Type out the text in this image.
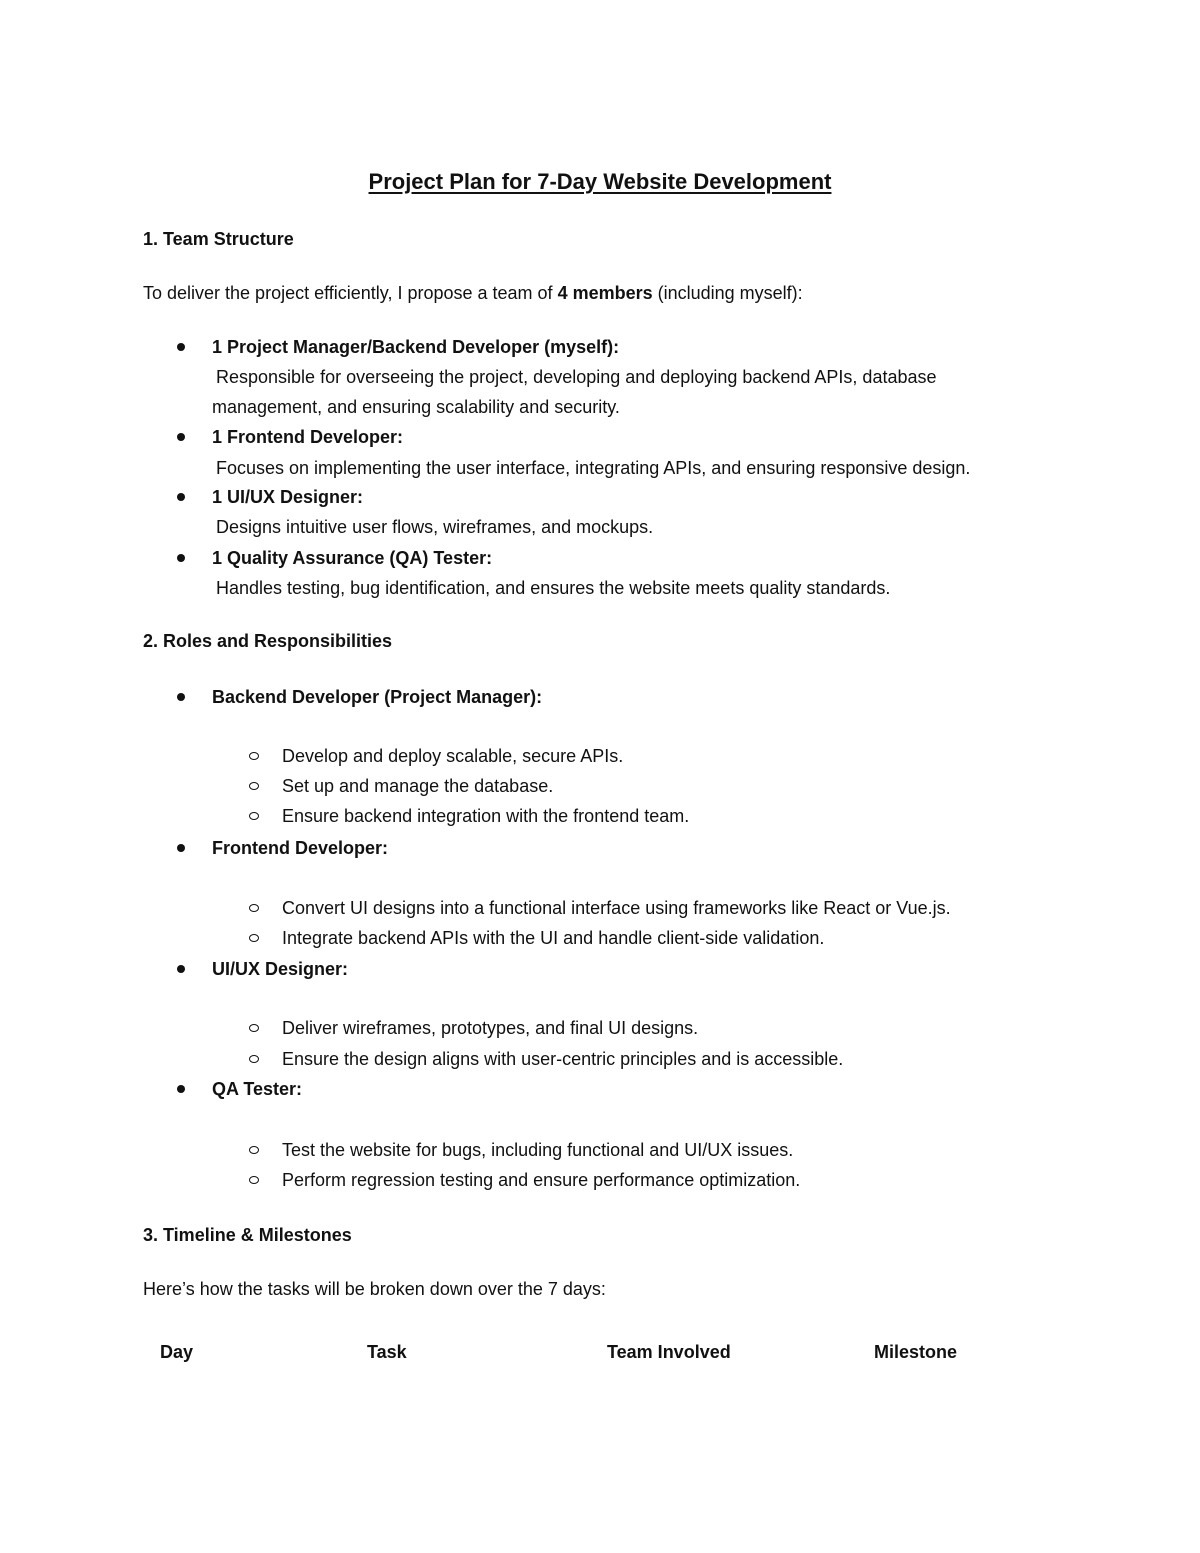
Project Plan for 7-Day Website Development
1. Team Structure
To deliver the project efficiently, I propose a team of 4 members (including myself):
1 Project Manager/Backend Developer (myself):
Responsible for overseeing the project, developing and deploying backend APIs, database
management, and ensuring scalability and security.
1 Frontend Developer:
Focuses on implementing the user interface, integrating APIs, and ensuring responsive design.
1 UI/UX Designer:
Designs intuitive user flows, wireframes, and mockups.
1 Quality Assurance (QA) Tester:
Handles testing, bug identification, and ensures the website meets quality standards.
2. Roles and Responsibilities
Backend Developer (Project Manager):
Develop and deploy scalable, secure APIs.
Set up and manage the database.
Ensure backend integration with the frontend team.
Frontend Developer:
Convert UI designs into a functional interface using frameworks like React or Vue.js.
Integrate backend APIs with the UI and handle client-side validation.
UI/UX Designer:
Deliver wireframes, prototypes, and final UI designs.
Ensure the design aligns with user-centric principles and is accessible.
QA Tester:
Test the website for bugs, including functional and UI/UX issues.
Perform regression testing and ensure performance optimization.
3. Timeline & Milestones
Here’s how the tasks will be broken down over the 7 days:
Day	Task	Team Involved	Milestone
